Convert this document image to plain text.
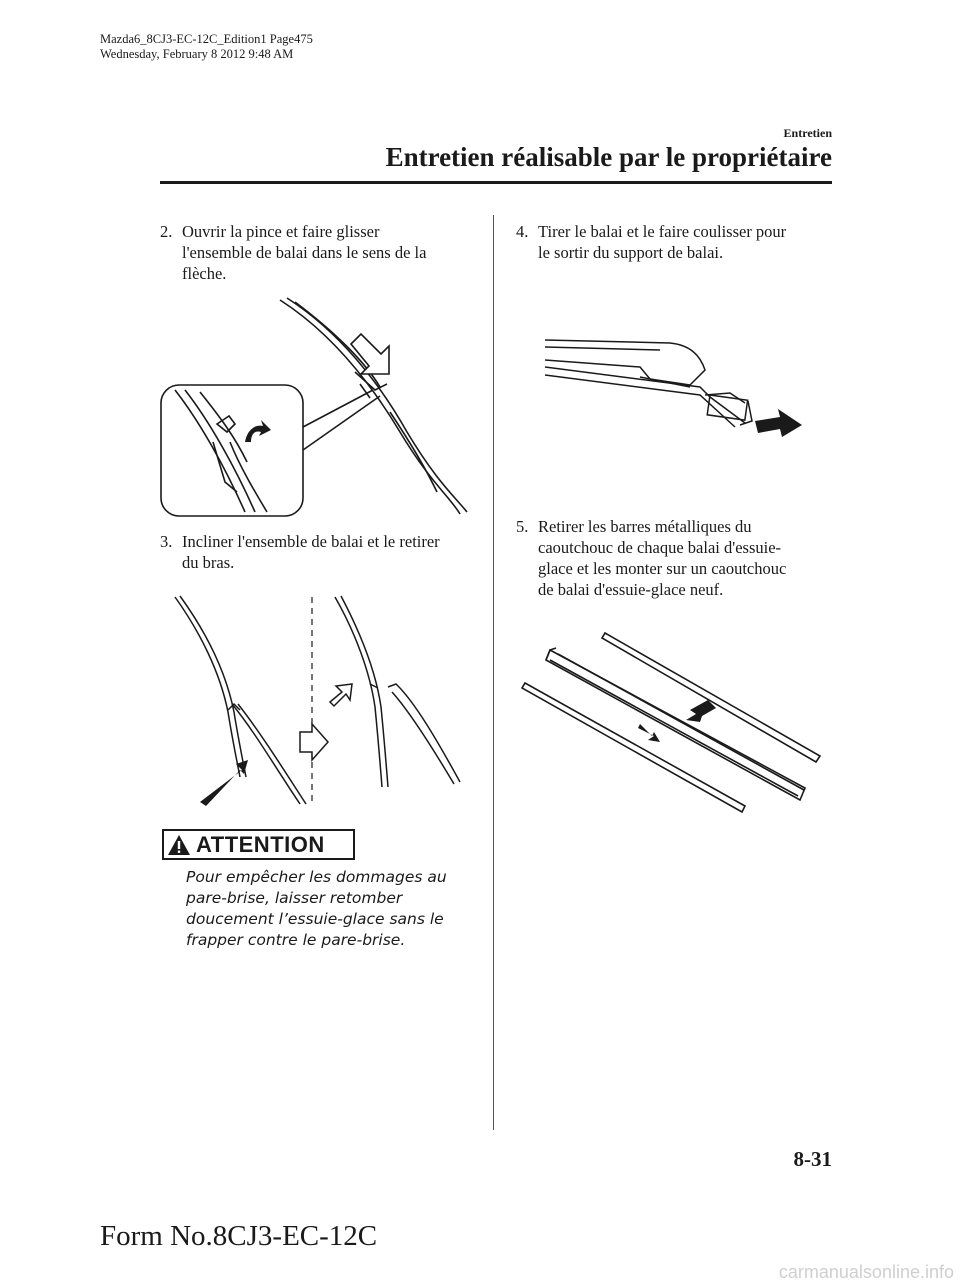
Mazda6_8CJ3-EC-12C_Edition1 Page475
Wednesday, February 8 2012 9:48 AM
Entretien
Entretien réalisable par le propriétaire
2. Ouvrir la pince et faire glisser
l'ensemble de balai dans le sens de la
flèche.
3. Incliner l'ensemble de balai et le retirer
du bras.
ATTENTION
Pour empêcher les dommages au
pare-brise, laisser retomber
doucement l’essuie-glace sans le
frapper contre le pare-brise.
4. Tirer le balai et le faire coulisser pour
le sortir du support de balai.
5. Retirer les barres métalliques du
caoutchouc de chaque balai d'essuie-
glace et les monter sur un caoutchouc
de balai d'essuie-glace neuf.
8-31
Form No.8CJ3-EC-12C
carmanualsonline.info
